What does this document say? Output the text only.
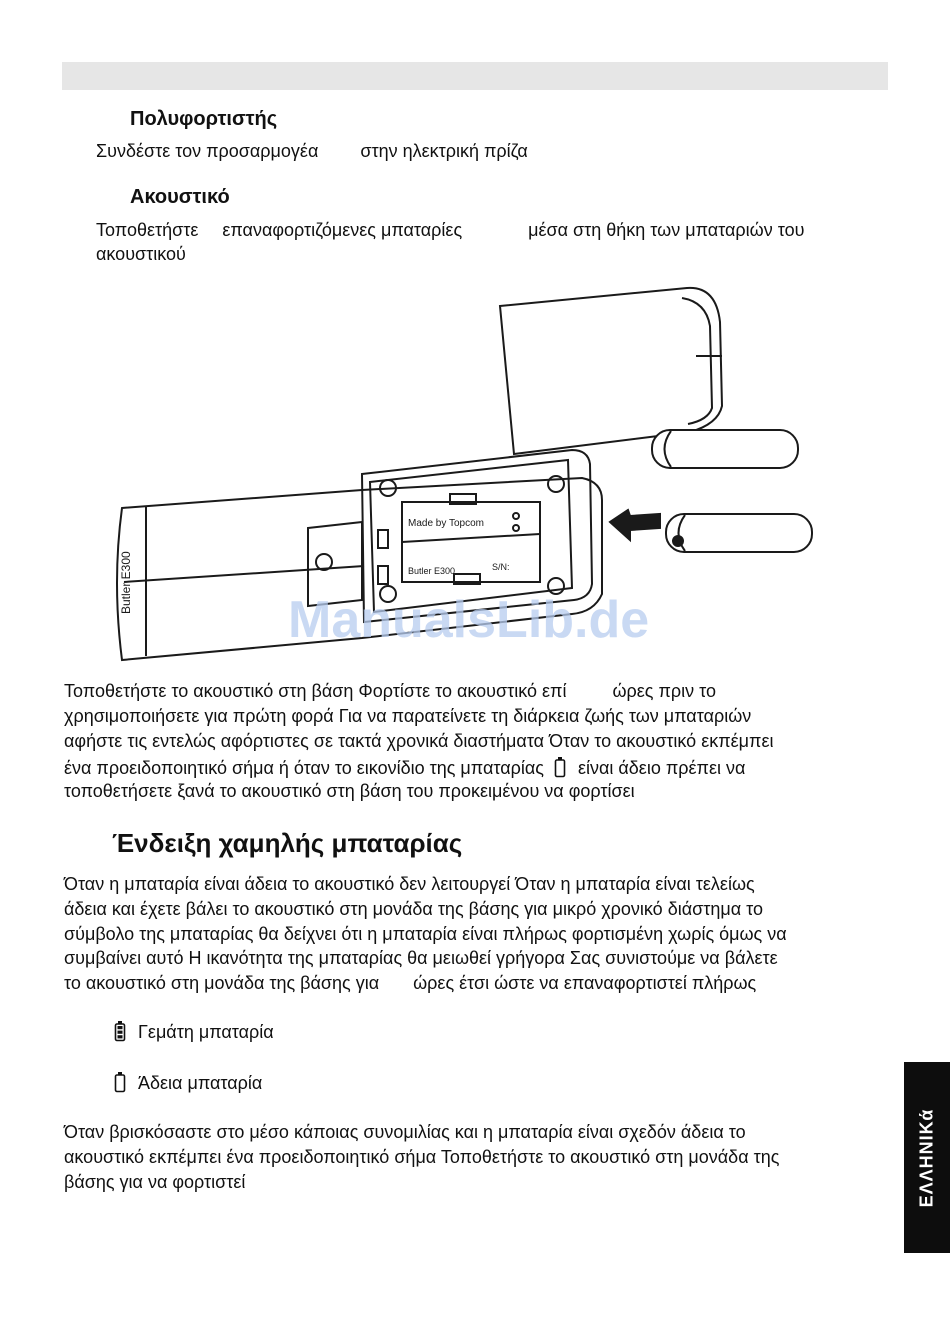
Πολυφορτιστής
Συνδέστε τον προσαρμογέα στην ηλεκτρική πρίζα
Ακουστικό
Τοποθετήστε επαναφορτιζόμενες μπαταρίες	μέσα στη θήκη των μπαταριών του
ακουστικού
Butler E300
Made by Topcom
Butler E300	S/N:
ManualsLib.de
Τοποθετήστε το ακουστικό στη βάση Φορτίστε το ακουστικό επί	ώρες πριν το
χρησιμοποιήσετε για πρώτη φορά Για να παρατείνετε τη διάρκεια ζωής των μπαταριών
αφήστε τις εντελώς αφόρτιστες σε τακτά χρονικά διαστήματα Όταν το ακουστικό εκπέμπει
ένα προειδοποιητικό σήμα ή όταν το εικονίδιο της μπαταρίας είναι άδειο πρέπει να
τοποθετήσετε ξανά το ακουστικό στη βάση του προκειμένου να φορτίσει
Ένδειξη χαμηλής μπαταρίας
Όταν η μπαταρία είναι άδεια το ακουστικό δεν λειτουργεί Όταν η μπαταρία είναι τελείως
άδεια και έχετε βάλει το ακουστικό στη μονάδα της βάσης για μικρό χρονικό διάστημα το
σύμβολο της μπαταρίας θα δείχνει ότι η μπαταρία είναι πλήρως φορτισμένη χωρίς όμως να
συμβαίνει αυτό Η ικανότητα της μπαταρίας θα μειωθεί γρήγορα Σας συνιστούμε να βάλετε
το ακουστικό στη μονάδα της βάσης για ώρες έτσι ώστε να επαναφορτιστεί πλήρως
Γεμάτη μπαταρία
Άδεια μπαταρία
Όταν βρισκόσαστε στο μέσο κάποιας συνομιλίας και η μπαταρία είναι σχεδόν άδεια το
ακουστικό εκπέμπει ένα προειδοποιητικό σήμα Τοποθετήστε το ακουστικό στη μονάδα της
βάσης για να φορτιστεί	ΕΛΛΗΝΙΚά
